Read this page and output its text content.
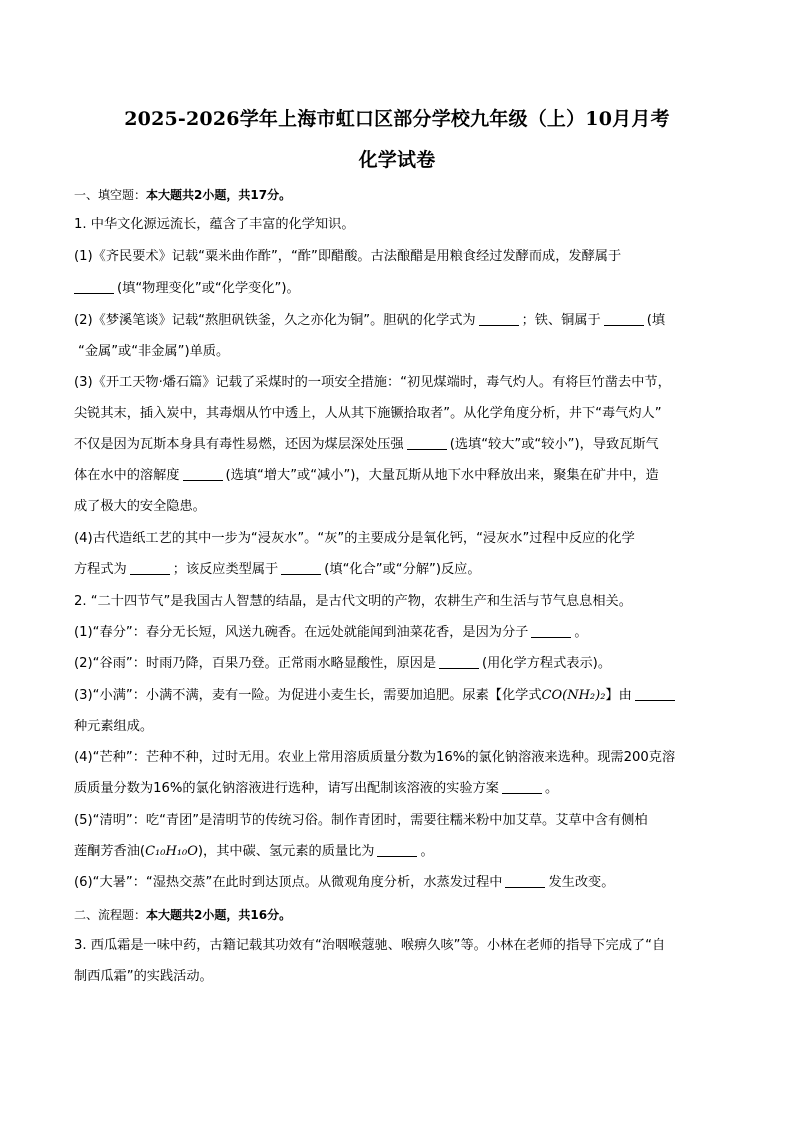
2025-2026学年上海市虹口区部分学校九年级（上）10月月考
化学试卷
一、填空题：本大题共2小题，共17分。
1. 中华文化源远流长，蕴含了丰富的化学知识。
(1)《齐民要术》记载“粟米曲作酢”，“酢”即醋酸。古法酿醋是用粮食经过发酵而成，发酵属于
(填“物理变化”或“化学变化”)。
(2)《梦溪笔谈》记载“熬胆矾铁釜，久之亦化为铜”。胆矾的化学式为	；铁、铜属于	(填
“金属”或“非金属”)单质。
(3)《开工天物·燔石篇》记载了采煤时的一项安全措施：“初见煤端时，毒气灼人。有将巨竹凿去中节，
尖锐其末，插入炭中，其毒烟从竹中透上，人从其下施镢拾取者”。从化学角度分析，井下“毒气灼人”
不仅是因为瓦斯本身具有毒性易燃，还因为煤层深处压强	(选填“较大”或“较小”)，导致瓦斯气
体在水中的溶解度	(选填“增大”或“减小”)，大量瓦斯从地下水中释放出来，聚集在矿井中，造
成了极大的安全隐患。
(4)古代造纸工艺的其中一步为“浸灰水”。“灰”的主要成分是氧化钙，“浸灰水”过程中反应的化学
方程式为	；该反应类型属于	(填“化合”或“分解”)反应。
2. “二十四节气”是我国古人智慧的结晶，是古代文明的产物，农耕生产和生活与节气息息相关。
(1)“春分”：春分无长短，风送九碗香。在远处就能闻到油菜花香，是因为分子	。
(2)“谷雨”：时雨乃降，百果乃登。正常雨水略显酸性，原因是	(用化学方程式表示)。
(3)“小满”：小满不满，麦有一险。为促进小麦生长，需要加追肥。尿素【化学式CO(NH₂)₂】由
种元素组成。
(4)“芒种”：芒种不种，过时无用。农业上常用溶质质量分数为16%的氯化钠溶液来选种。现需200克溶
质质量分数为16%的氯化钠溶液进行选种，请写出配制该溶液的实验方案	。
(5)“清明”：吃“青团”是清明节的传统习俗。制作青团时，需要往糯米粉中加艾草。艾草中含有侧柏
莲酮芳香油(C₁₀H₁₀O)，其中碳、氢元素的质量比为	。
(6)“大暑”：“湿热交蒸”在此时到达顶点。从微观角度分析，水蒸发过程中	发生改变。
二、流程题：本大题共2小题，共16分。
3. 西瓜霜是一味中药，古籍记载其功效有“治咽喉蔻驰、喉痹久咳”等。小林在老师的指导下完成了“自
制西瓜霜”的实践活动。
